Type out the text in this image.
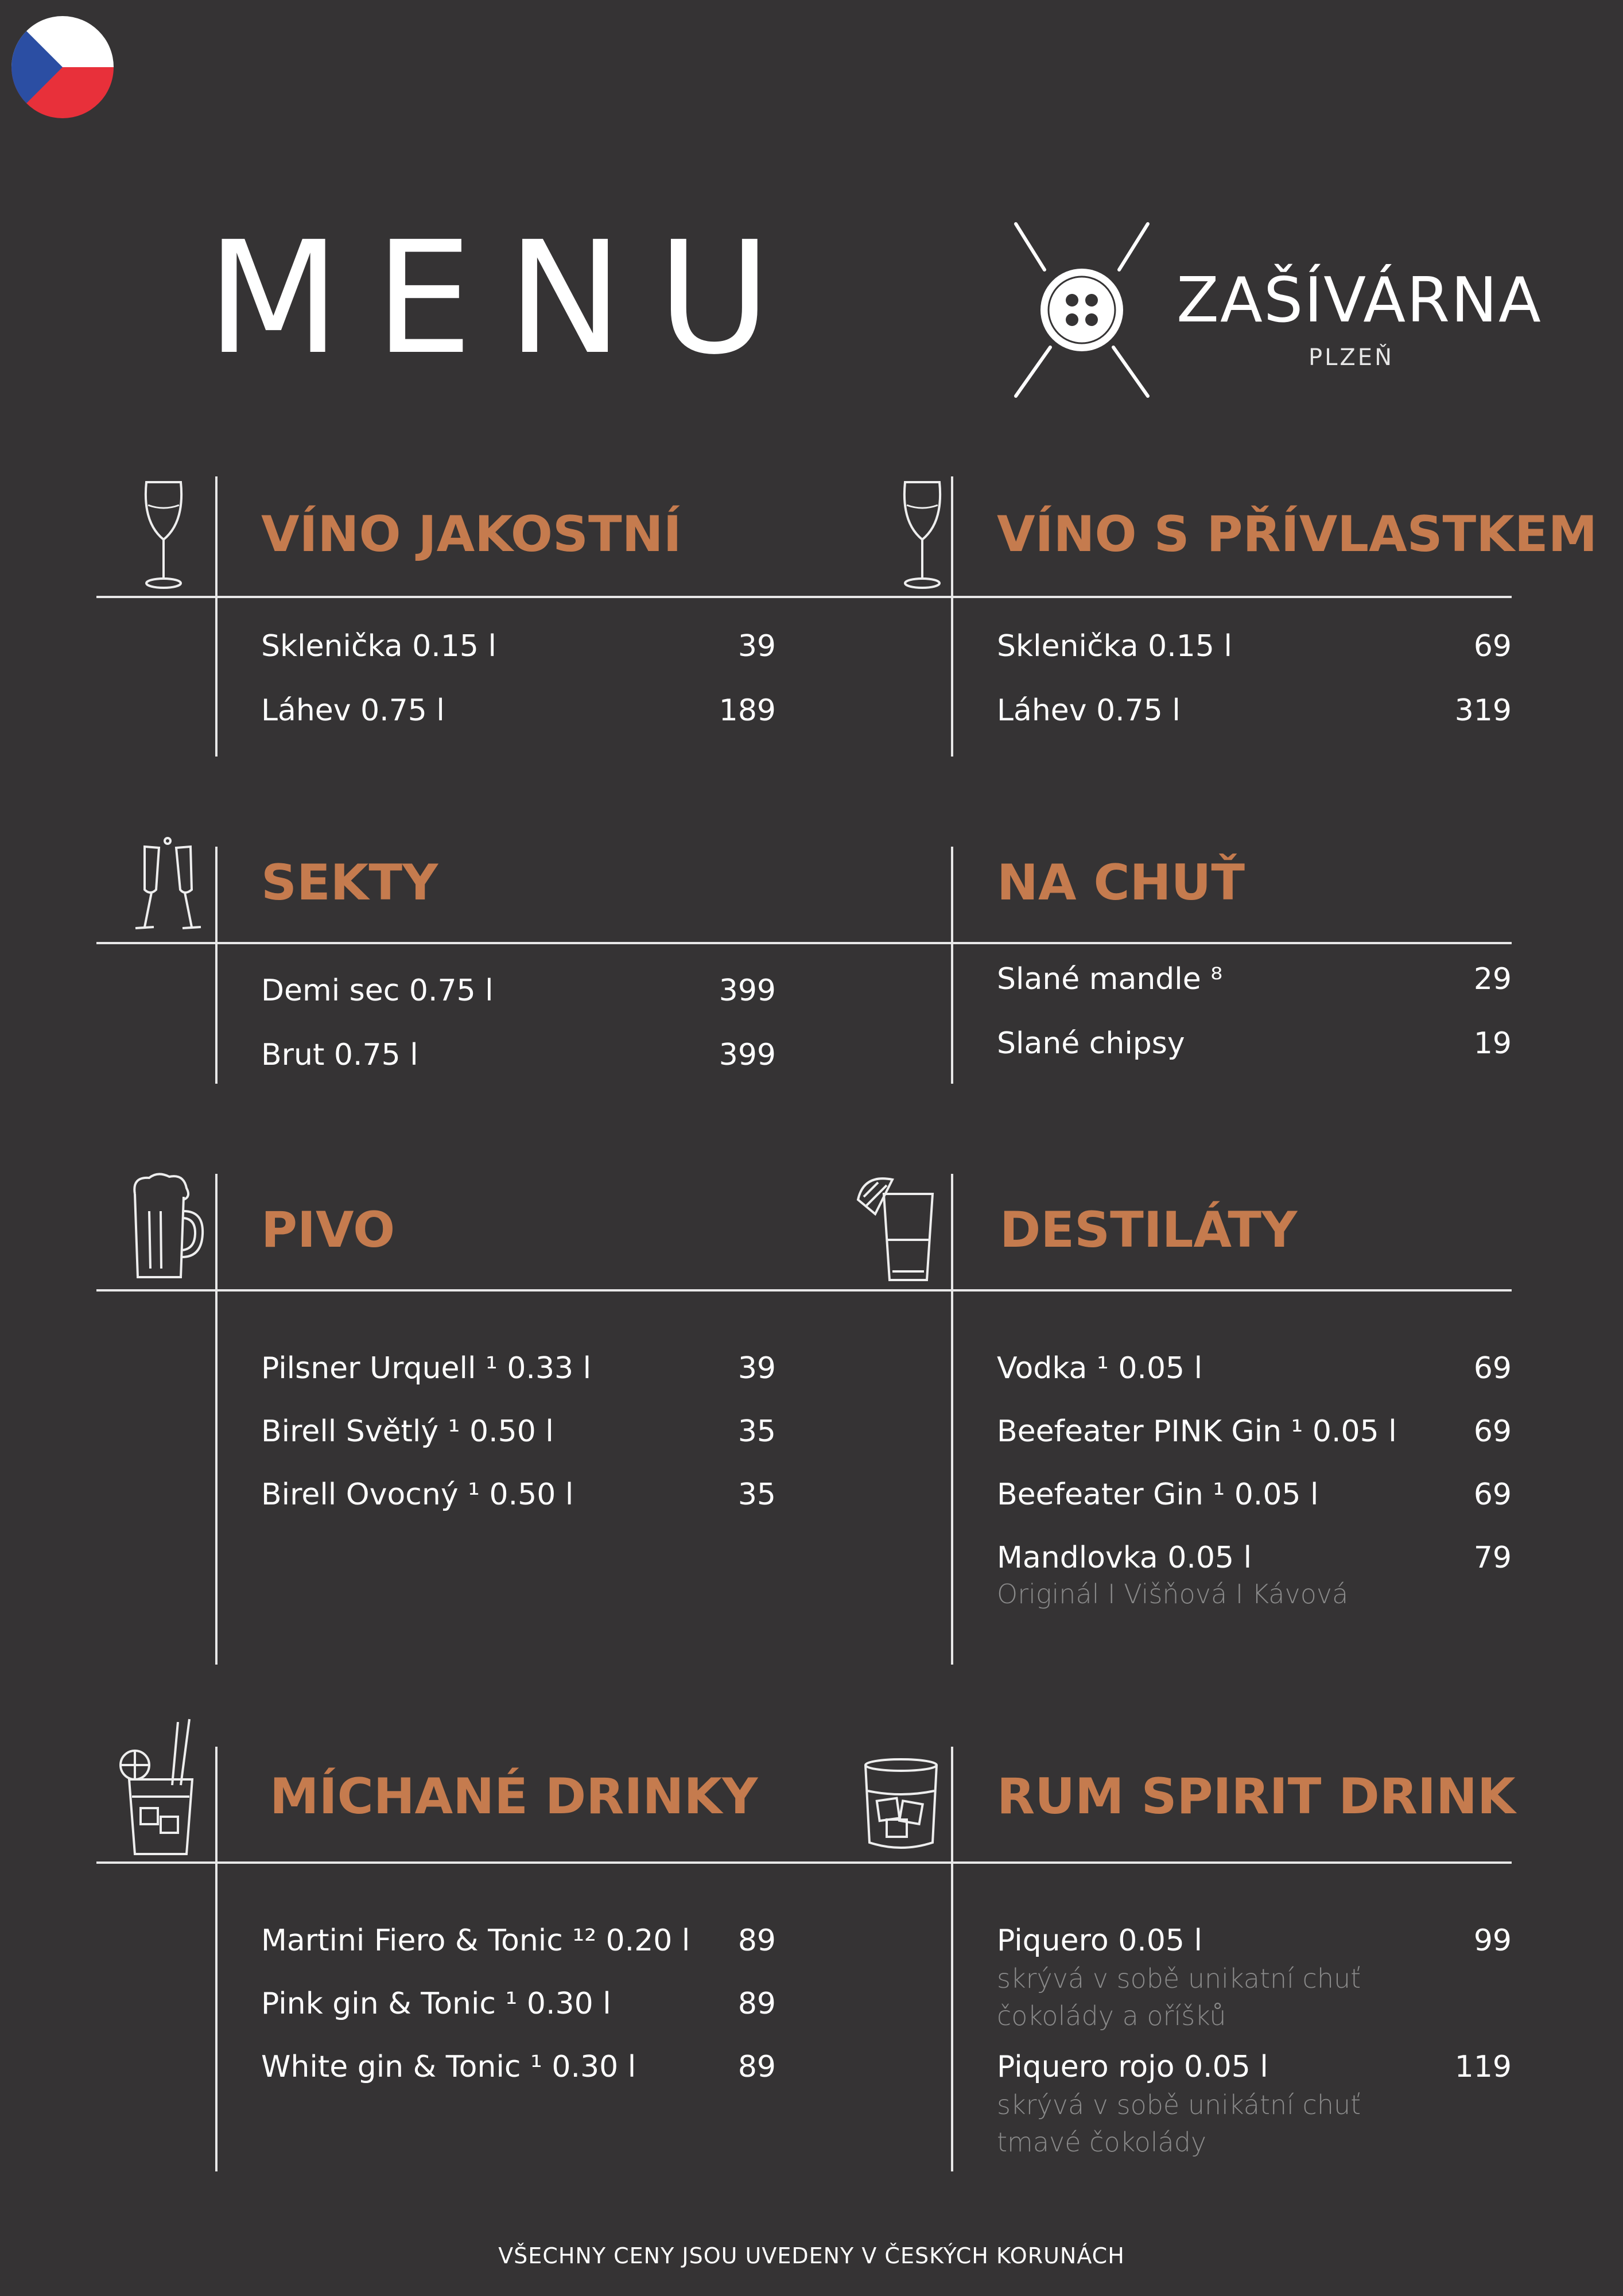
MENU	ZAŠÍVÁRNA
PLZEŇ
VÍNO JAKOSTNÍ
Sklenička 0.15 l	39
Láhev 0.75 l	189
VÍNO S PŘÍVLASTKEM
Sklenička 0.15 l	69
Láhev 0.75 l	319
SEKTY
Demi sec 0.75 l	399
Brut 0.75 l	399
NA CHUŤ
Slané mandle ⁸	29
Slané chipsy	19
PIVO
Pilsner Urquell ¹ 0.33 l	39
Birell Světlý ¹ 0.50 l	35
Birell Ovocný ¹ 0.50 l	35
DESTILÁTY
Vodka ¹ 0.05 l	69
Beefeater PINK Gin ¹ 0.05 l	69
Beefeater Gin ¹ 0.05 l	69
Mandlovka 0.05 l	79
Originál I Višňová I Kávová
MÍCHANÉ DRINKY
Martini Fiero & Tonic ¹² 0.20 l	89
Pink gin & Tonic ¹ 0.30 l	89
White gin & Tonic ¹ 0.30 l	89
RUM SPIRIT DRINK
Piquero 0.05 l	99
skrývá v sobě unikatní chuť
čokolády a oříšků
Piquero rojo 0.05 l	119
skrývá v sobě unikátní chuť
tmavé čokolády
VŠECHNY CENY JSOU UVEDENY V ČESKÝCH KORUNÁCH
